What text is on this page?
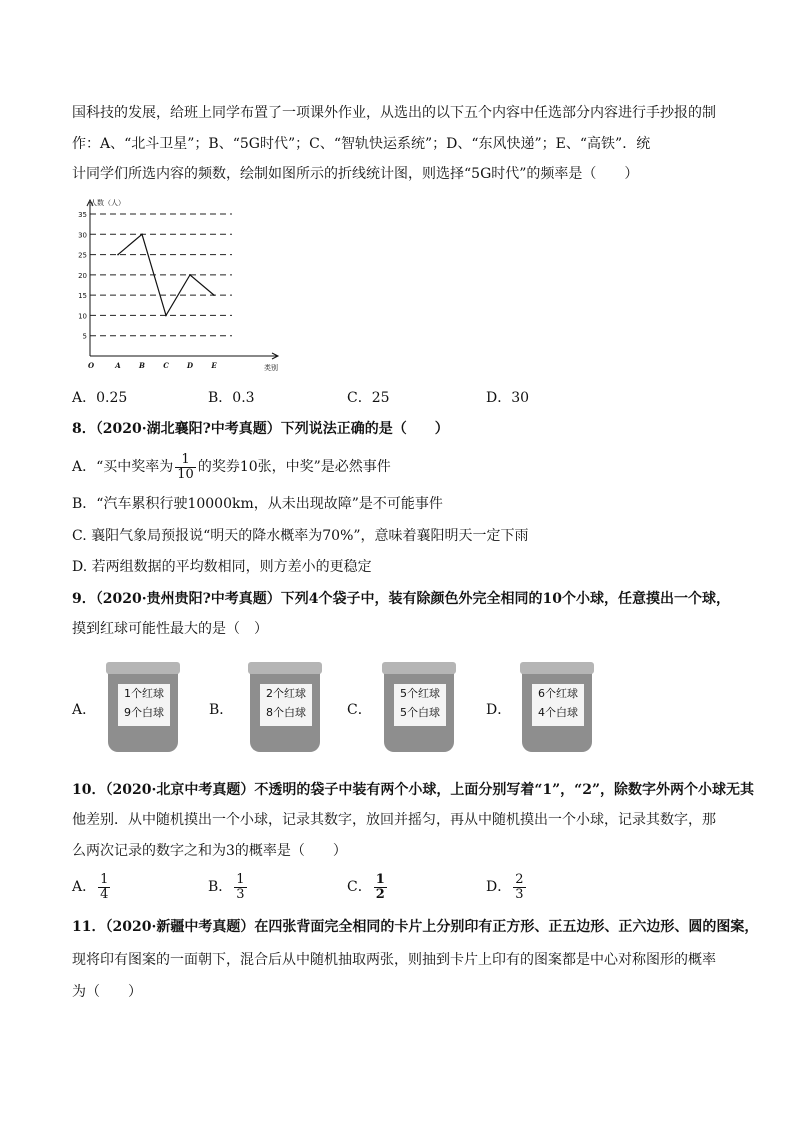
国科技的发展，给班上同学布置了一项课外作业，从选出的以下五个内容中任选部分内容进行手抄报的制
作：A、“北斗卫星”；B、“5G时代”；C、“智轨快运系统”；D、“东风快递”；E、“高铁”．统
计同学们所选内容的频数，绘制如图所示的折线统计图，则选择“5G时代”的频率是（　　）
5
10
15
20
25
30
35
人数（人）
类别
O	A	B	C	D	E
A．0.25	B．0.3	C．25	D．30
8．（2020·湖北襄阳?中考真题）下列说法正确的是（　　）
A．“买中奖率为 $\frac{1}{10}$ 的奖券10张，中奖”是必然事件
B．“汽车累积行驶10000km，从未出现故障”是不可能事件
C. 襄阳气象局预报说“明天的降水概率为70%”，意味着襄阳明天一定下雨
D. 若两组数据的平均数相同，则方差小的更稳定
9．（2020·贵州贵阳?中考真题）下列4个袋子中，装有除颜色外完全相同的10个小球，任意摸出一个球，
摸到红球可能性最大的是（　）
A．
1个红球
9个白球	B．
2个红球
8个白球	C．
5个红球
5个白球	D．
6个红球
4个白球
10．（2020·北京中考真题）不透明的袋子中装有两个小球，上面分别写着“1”，“2”，除数字外两个小球无其
他差别．从中随机摸出一个小球，记录其数字，放回并摇匀，再从中随机摸出一个小球，记录其数字，那
么两次记录的数字之和为3的概率是（　　）
A． $\frac{1}{4}$	B． $\frac{1}{3}$	C． $\frac{1}{2}$	D． $\frac{2}{3}$
11．（2020·新疆中考真题）在四张背面完全相同的卡片上分别印有正方形、正五边形、正六边形、圆的图案，
现将印有图案的一面朝下，混合后从中随机抽取两张，则抽到卡片上印有的图案都是中心对称图形的概率
为（　　）
